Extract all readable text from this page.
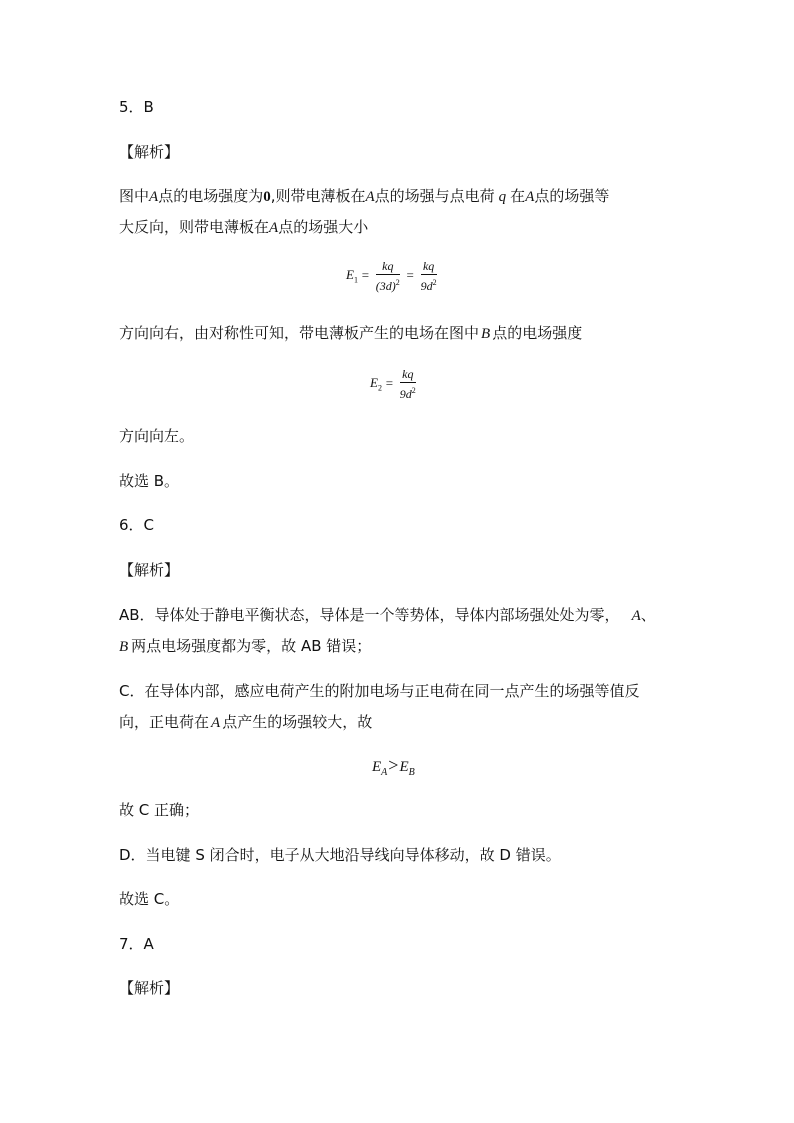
5．B
【解析】
图中A点的电场强度为0,则带电薄板在A点的场强与点电荷 q 在A点的场强等
大反向，则带电薄板在A点的场强大小
$E_1 = \frac{kq}{(3d)^2} = \frac{kq}{9d^2}$
方向向右，由对称性可知，带电薄板产生的电场在图中 B 点的电场强度
$E_2 = \frac{kq}{9d^2}$
方向向左。
故选 B。
6．C
【解析】
AB．导体处于静电平衡状态，导体是一个等势体，导体内部场强处处为零， A、
B 两点电场强度都为零，故 AB 错误；
C．在导体内部，感应电荷产生的附加电场与正电荷在同一点产生的场强等值反
向，正电荷在 A 点产生的场强较大，故
$E_A>E_B$
故 C 正确；
D．当电键 S 闭合时，电子从大地沿导线向导体移动，故 D 错误。
故选 C。
7．A
【解析】
